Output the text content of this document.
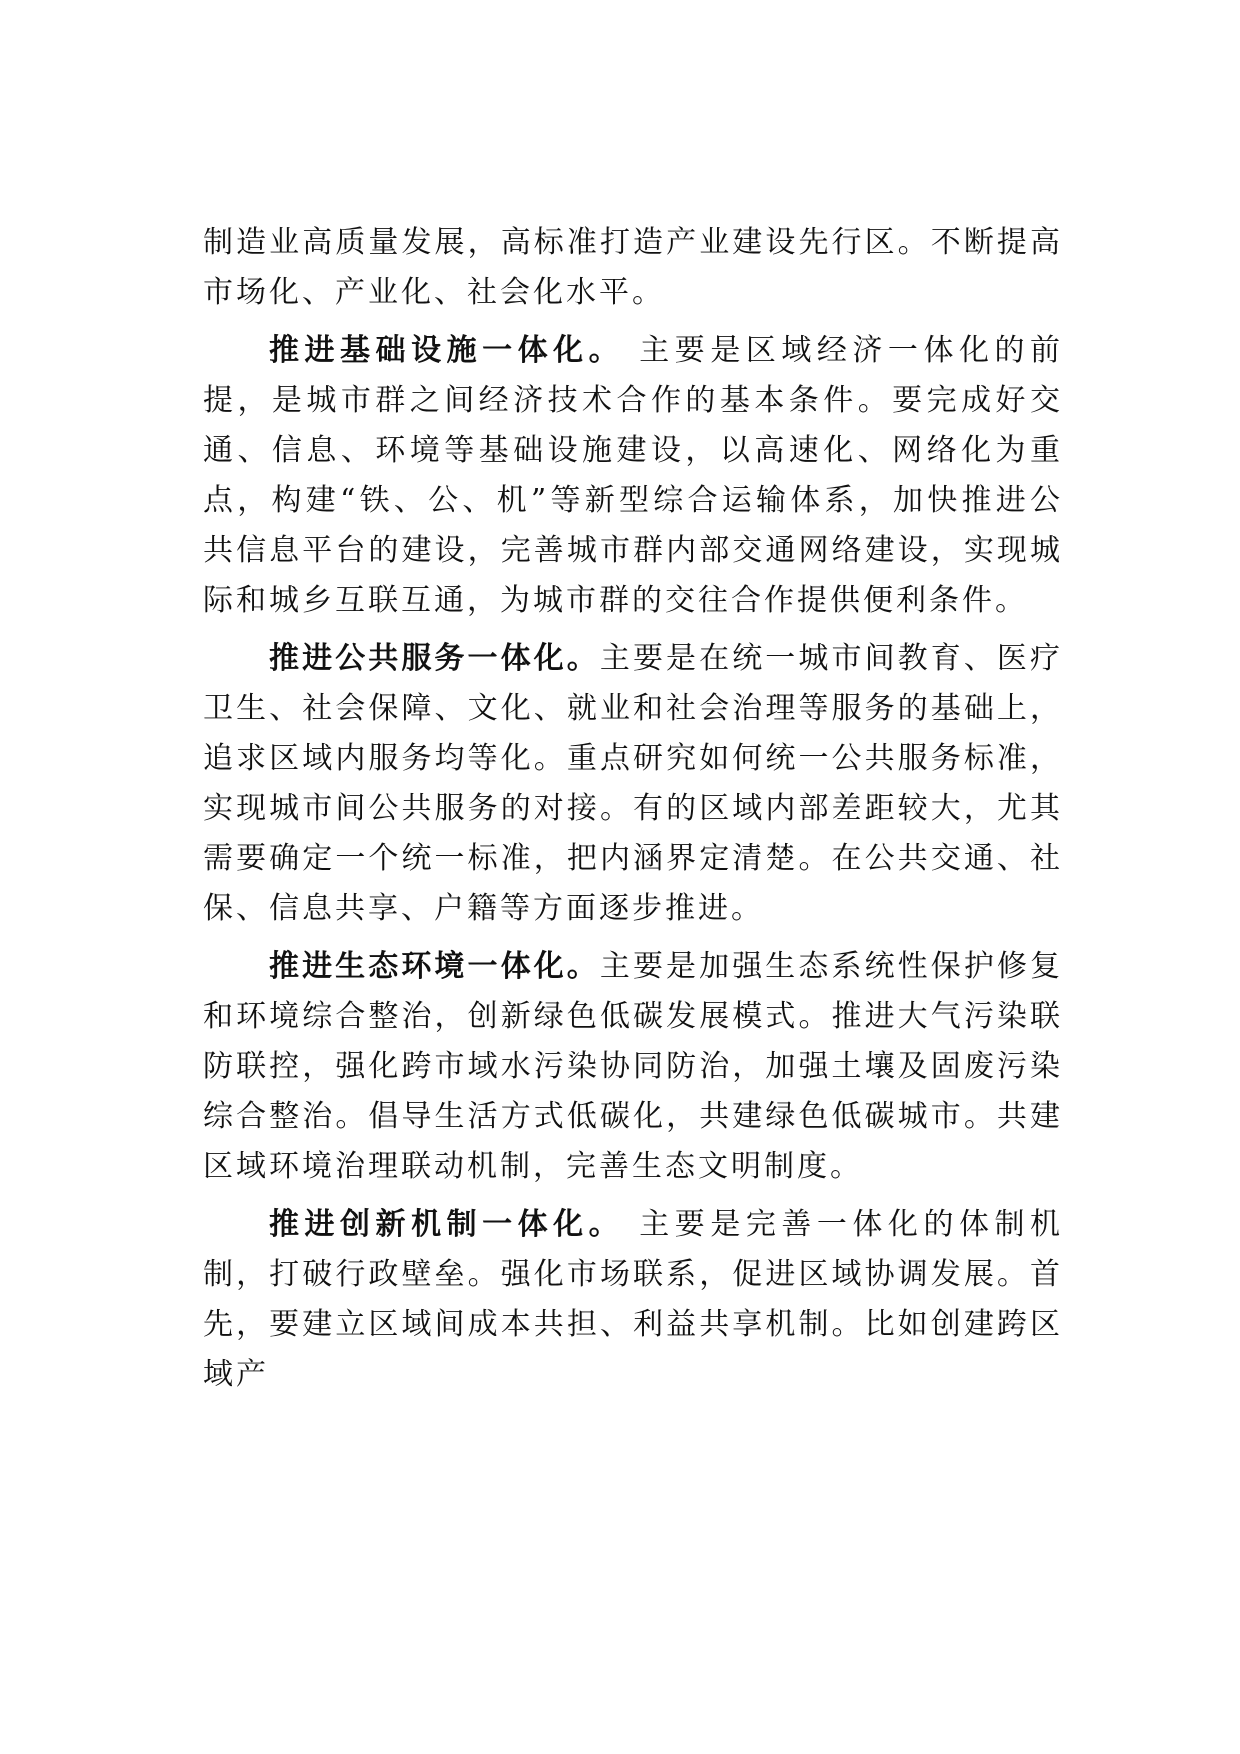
制造业高质量发展，高标准打造产业建设先行区。不断提高市场化、产业化、社会化水平。

推进基础设施一体化。 主要是区域经济一体化的前提，是城市群之间经济技术合作的基本条件。要完成好交通、信息、环境等基础设施建设，以高速化、网络化为重点，构建“铁、公、机”等新型综合运输体系，加快推进公共信息平台的建设，完善城市群内部交通网络建设，实现城际和城乡互联互通，为城市群的交往合作提供便利条件。

推进公共服务一体化。主要是在统一城市间教育、医疗卫生、社会保障、文化、就业和社会治理等服务的基础上，追求区域内服务均等化。重点研究如何统一公共服务标准，实现城市间公共服务的对接。有的区域内部差距较大，尤其需要确定一个统一标准，把内涵界定清楚。在公共交通、社保、信息共享、户籍等方面逐步推进。

推进生态环境一体化。主要是加强生态系统性保护修复和环境综合整治，创新绿色低碳发展模式。推进大气污染联防联控，强化跨市域水污染协同防治，加强土壤及固废污染综合整治。倡导生活方式低碳化，共建绿色低碳城市。共建区域环境治理联动机制，完善生态文明制度。

推进创新机制一体化。 主要是完善一体化的体制机制，打破行政壁垒。强化市场联系，促进区域协调发展。首先，要建立区域间成本共担、利益共享机制。比如创建跨区域产
